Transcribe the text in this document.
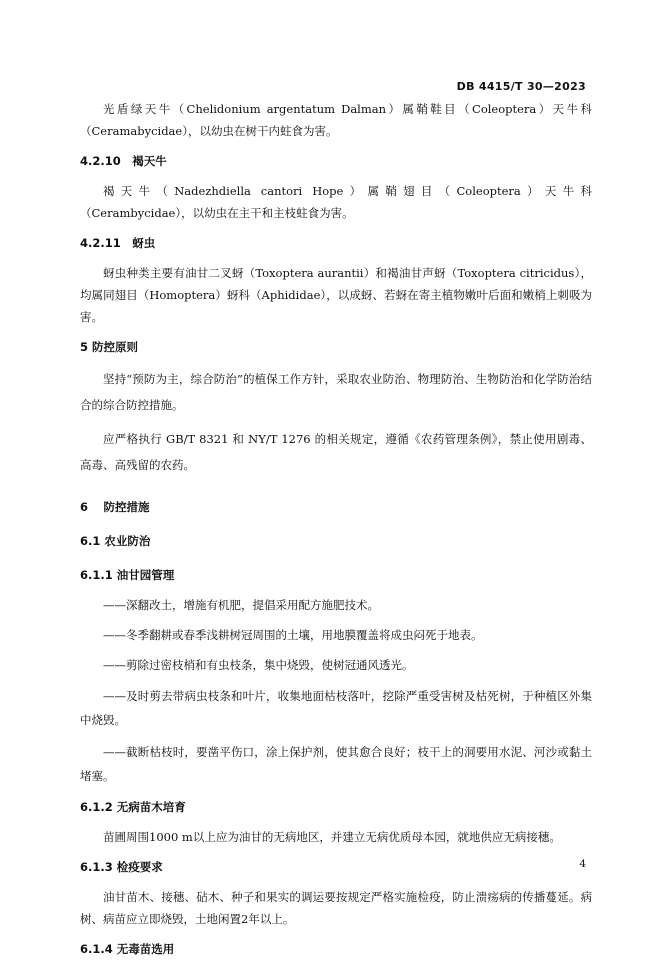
DB 4415/T 30—2023

光盾绿天牛（Chelidonium argentatum Dalman）属鞘鞋目（Coleoptera）天牛科（Ceramabycidae），以幼虫在树干内蛀食为害。

4.2.10　褐天牛

褐天牛（Nadezhdiella cantori Hope）属鞘翅目（Coleoptera）天牛科（Cerambycidae），以幼虫在主干和主枝蛀食为害。

4.2.11　蚜虫

蚜虫种类主要有油甘二叉蚜（Toxoptera aurantii）和褐油甘声蚜（Toxoptera citricidus），均属同翅目（Homoptera）蚜科（Aphididae），以成蚜、若蚜在寄主植物嫩叶后面和嫩梢上刺吸为害。

5 防控原则

坚持“预防为主，综合防治”的植保工作方针，采取农业防治、物理防治、生物防治和化学防治结合的综合防控措施。

应严格执行 GB/T 8321 和 NY/T 1276 的相关规定，遵循《农药管理条例》，禁止使用剧毒、高毒、高残留的农药。

6　 防控措施
6.1 农业防治
6.1.1 油甘园管理

——深翻改土，增施有机肥，提倡采用配方施肥技术。

——冬季翻耕或春季浅耕树冠周围的土壤，用地膜覆盖将成虫闷死于地表。

——剪除过密枝梢和有虫枝条，集中烧毁，使树冠通风透光。

——及时剪去带病虫枝条和叶片，收集地面枯枝落叶，挖除严重受害树及枯死树，于种植区外集中烧毁。

——截断枯枝时，要凿平伤口，涂上保护剂，使其愈合良好；枝干上的洞要用水泥、河沙或黏土堵塞。

6.1.2 无病苗木培育

苗圃周围1000 m以上应为油甘的无病地区，并建立无病优质母本园，就地供应无病接穗。

6.1.3 检疫要求

油甘苗木、接穗、砧木、种子和果实的调运要按规定严格实施检疫，防止溃疡病的传播蔓延。病树、病苗应立即烧毁，土地闲置2年以上。

6.1.4 无毒苗选用
4
